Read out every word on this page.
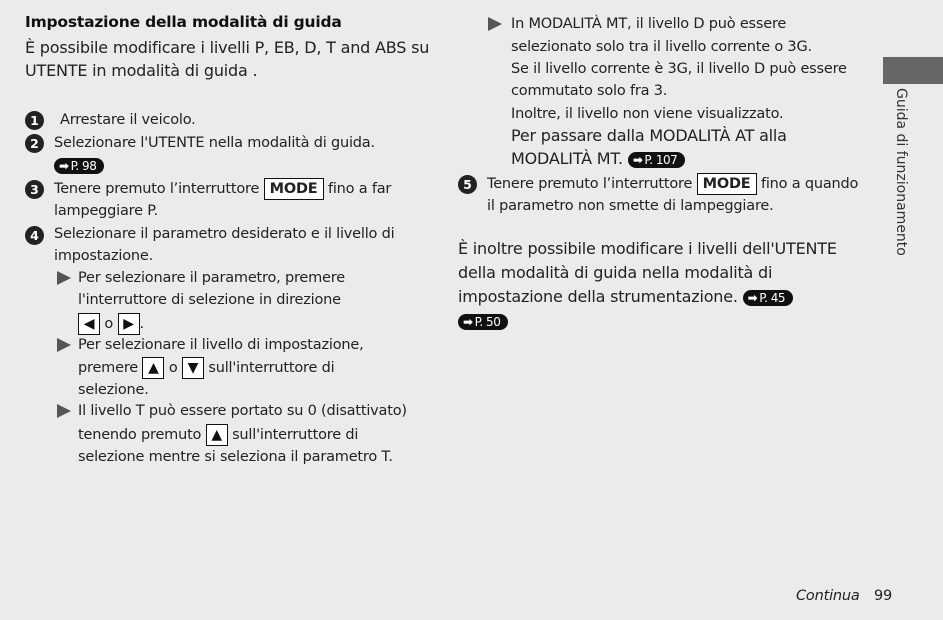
Impostazione della modalità di guida
È possibile modificare i livelli P, EB, D, T and ABS su
UTENTE in modalità di guida .
1	Arrestare il veicolo.
2	Selezionare l'UTENTE nella modalità di guida.
➡ P. 98
3	Tenere premuto l’interruttore MODE fino a far
lampeggiare P.
4	Selezionare il parametro desiderato e il livello di
impostazione.
Per selezionare il parametro, premere
l'interruttore di selezione in direzione
◀ o ▶ .
Per selezionare il livello di impostazione,
premere ▲ o ▼ sull'interruttore di
selezione.
Il livello T può essere portato su 0 (disattivato)
tenendo premuto ▲ sull'interruttore di
selezione mentre si seleziona il parametro T.
In MODALITÀ MT, il livello D può essere
selezionato solo tra il livello corrente o 3G.
Se il livello corrente è 3G, il livello D può essere
commutato solo fra 3.
Inoltre, il livello non viene visualizzato.
Per passare dalla MODALITÀ AT alla
MODALITÀ MT. ➡ P. 107
5	Tenere premuto l’interruttore MODE fino a quando
il parametro non smette di lampeggiare.
È inoltre possibile modificare i livelli dell'UTENTE
della modalità di guida nella modalità di
impostazione della strumentazione. ➡ P. 45
➡ P. 50
Guida di funzionamento
Continua 99
